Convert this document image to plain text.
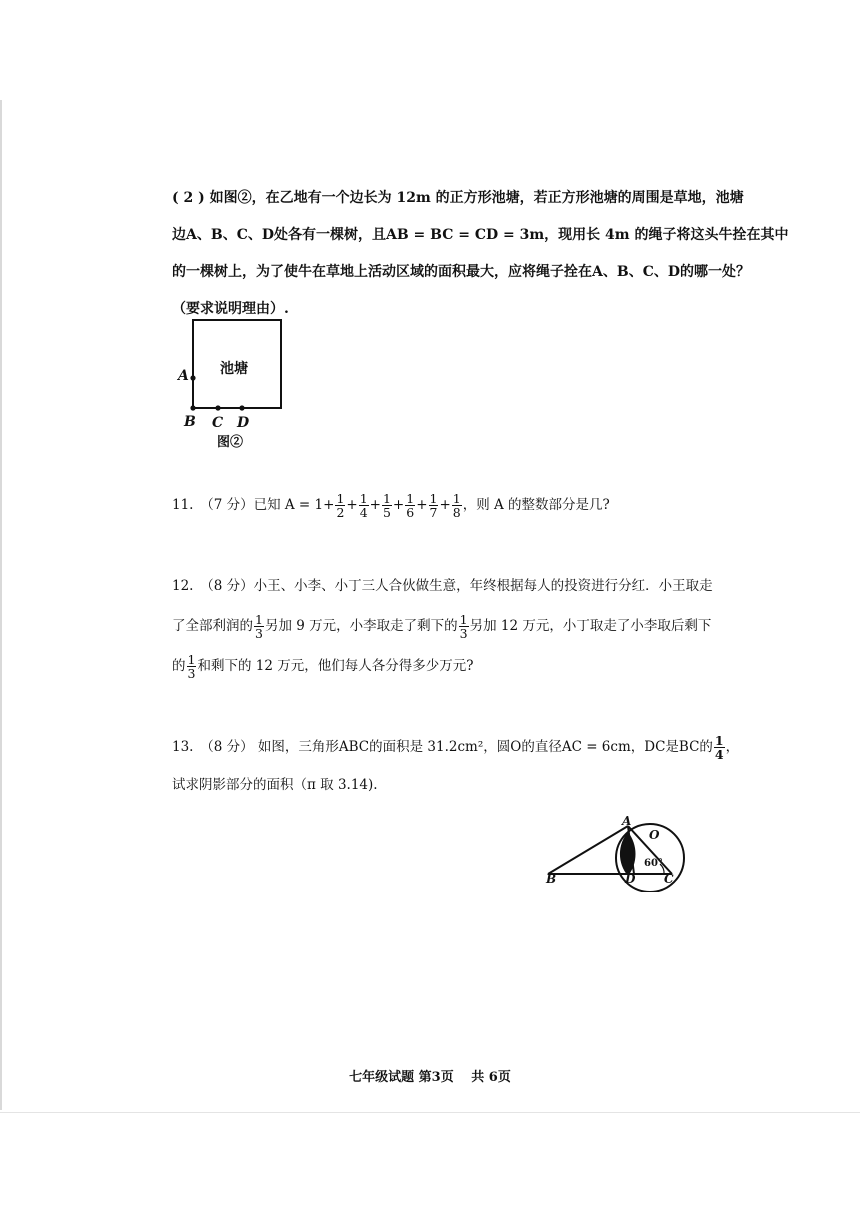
( 2 ) 如图②，在乙地有一个边长为 12m 的正方形池塘，若正方形池塘的周围是草地，池塘

边A、B、C、D处各有一棵树，且AB = BC = CD = 3m，现用长 4m 的绳子将这头牛拴在其中

的一棵树上，为了使牛在草地上活动区域的面积最大，应将绳子拴在A、B、C、D的哪一处？

（要求说明理由）.

池塘
A
B C D
图②

11.　（7 分）已知 $A = 1+ \frac{1}{2} + \frac{1}{4} + \frac{1}{5} + \frac{1}{6} + \frac{1}{7} + \frac{1}{8}$ ，则 A 的整数部分是几?

12.　（8 分）小王、小李、小丁三人合伙做生意，年终根据每人的投资进行分红．小王取走

了全部利润的 $\frac{1}{3}$ 另加 9 万元，小李取走了剩下的 $\frac{1}{3}$ 另加 12 万元，小丁取走了小李取后剩下

的 $\frac{1}{3}$ 和剩下的 12 万元，他们每人各分得多少万元?

13.　（8 分） 如图，三角形ABC的面积是 31.2cm²，圆O的直径AC = 6cm，DC是BC的 $\frac{1}{4}$ ，

试求阴影部分的面积（π 取 3.14).

A
O
B	D C
60°
七年级试题 第3页　 共 6页
